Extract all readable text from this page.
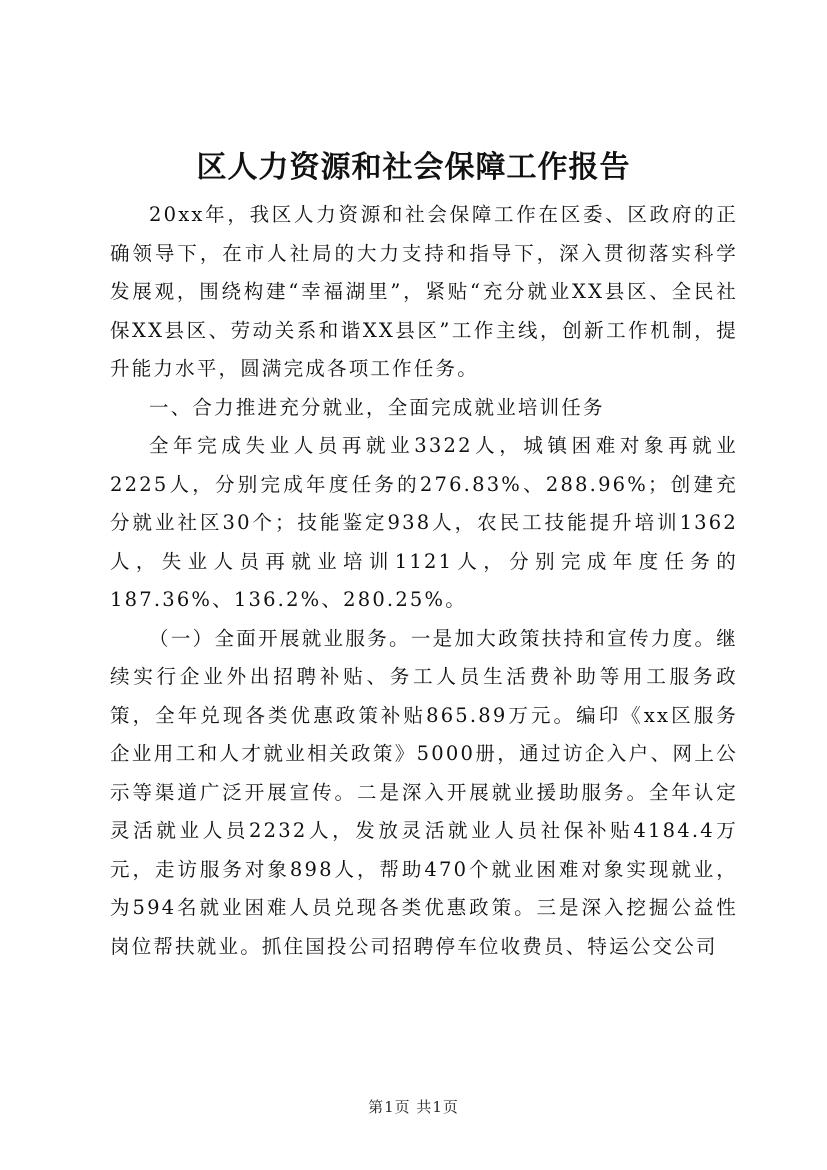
区人力资源和社会保障工作报告

20xx年，我区人力资源和社会保障工作在区委、区政府的正确领导下，在市人社局的大力支持和指导下，深入贯彻落实科学发展观，围绕构建“幸福湖里”，紧贴“充分就业XX县区、全民社保XX县区、劳动关系和谐XX县区”工作主线，创新工作机制，提升能力水平，圆满完成各项工作任务。

一、合力推进充分就业，全面完成就业培训任务

全年完成失业人员再就业3322人，城镇困难对象再就业2225人，分别完成年度任务的276.83%、288.96%；创建充分就业社区30个；技能鉴定938人，农民工技能提升培训1362人，失业人员再就业培训1121人，分别完成年度任务的187.36%、136.2%、280.25%。

（一）全面开展就业服务。一是加大政策扶持和宣传力度。继续实行企业外出招聘补贴、务工人员生活费补助等用工服务政策，全年兑现各类优惠政策补贴865.89万元。编印《xx区服务企业用工和人才就业相关政策》5000册，通过访企入户、网上公示等渠道广泛开展宣传。二是深入开展就业援助服务。全年认定灵活就业人员2232人，发放灵活就业人员社保补贴4184.4万元，走访服务对象898人，帮助470个就业困难对象实现就业，为594名就业困难人员兑现各类优惠政策。三是深入挖掘公益性岗位帮扶就业。抓住国投公司招聘停车位收费员、特运公交公司

第1页 共1页
